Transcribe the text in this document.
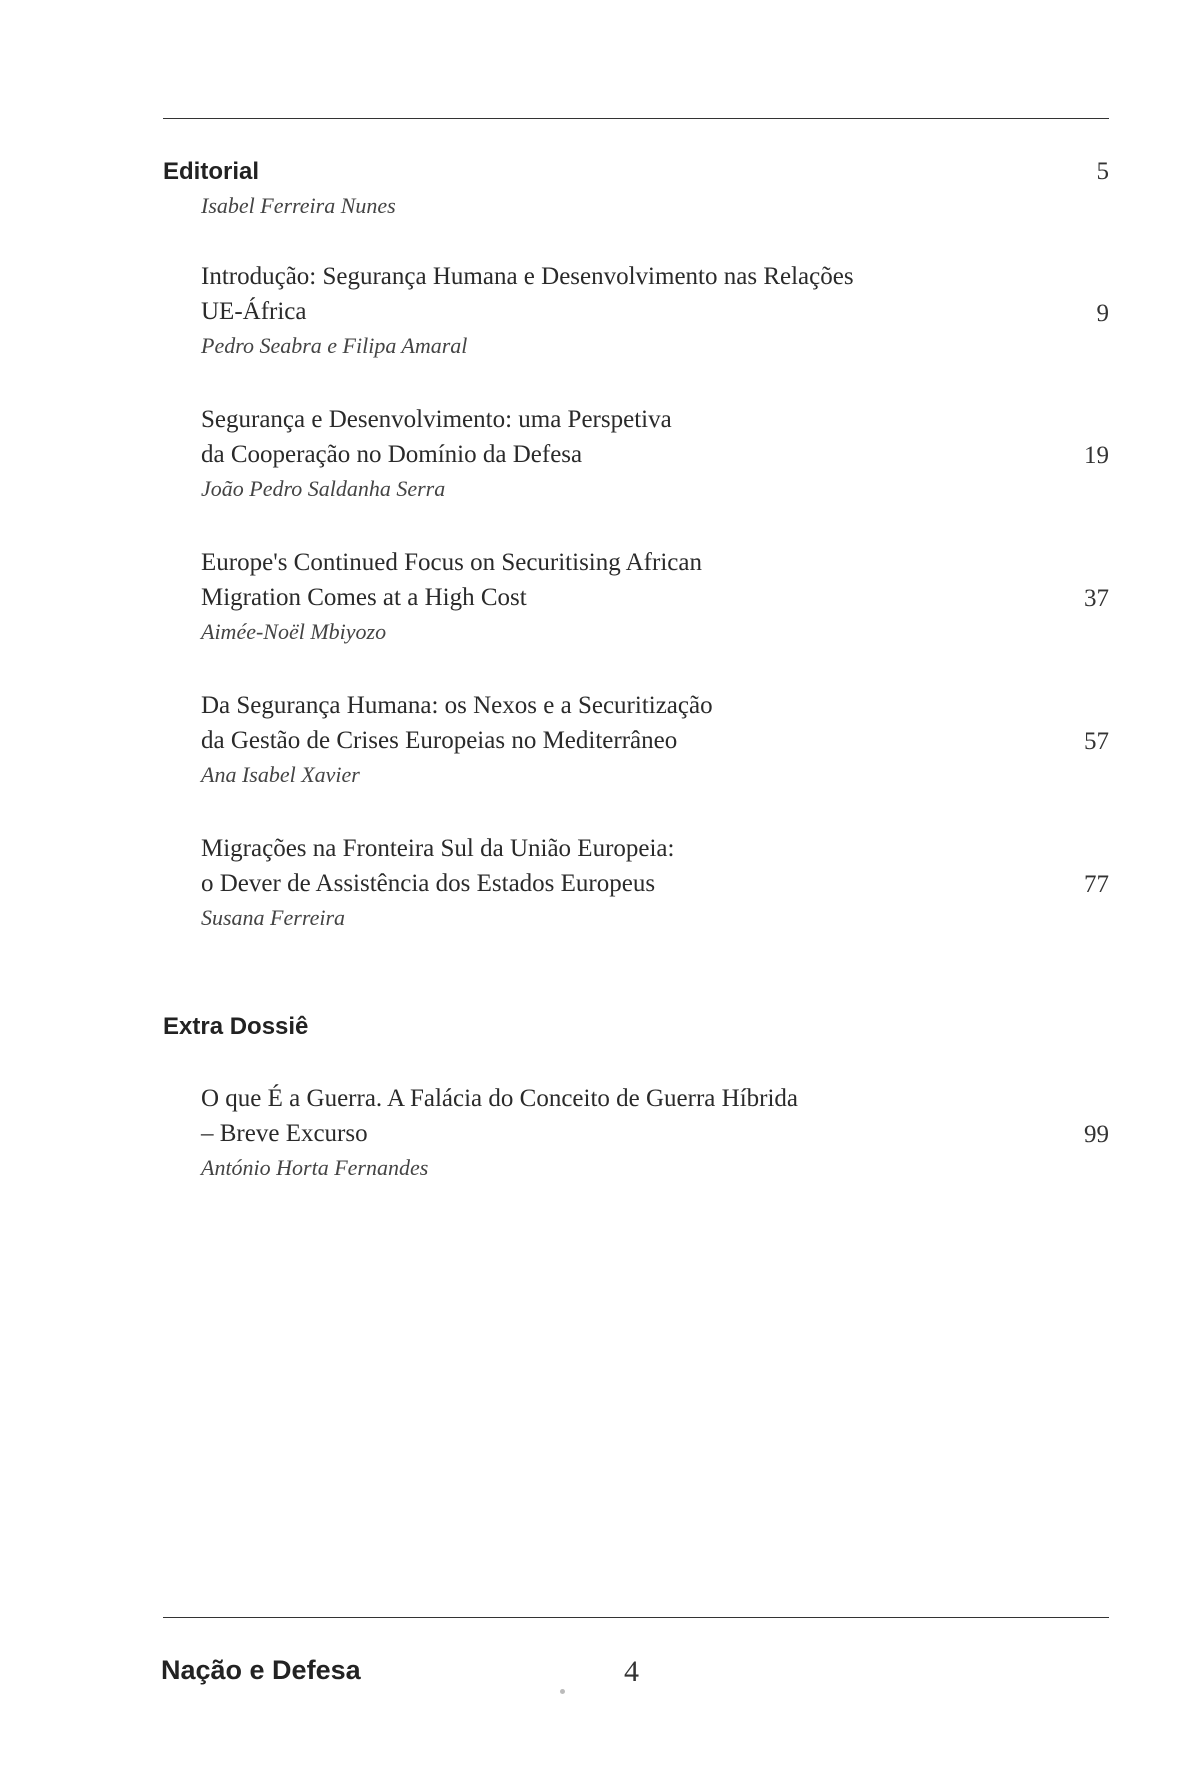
Editorial	5
Isabel Ferreira Nunes
Introdução: Segurança Humana e Desenvolvimento nas Relações
UE-África
Pedro Seabra e Filipa Amaral
9
Segurança e Desenvolvimento: uma Perspetiva
da Cooperação no Domínio da Defesa
João Pedro Saldanha Serra
19
Europe's Continued Focus on Securitising African
Migration Comes at a High Cost
Aimée-Noël Mbiyozo
37
Da Segurança Humana: os Nexos e a Securitização
da Gestão de Crises Europeias no Mediterrâneo
Ana Isabel Xavier
57
Migrações na Fronteira Sul da União Europeia:
o Dever de Assistência dos Estados Europeus
Susana Ferreira
77
Extra Dossiê
O que É a Guerra. A Falácia do Conceito de Guerra Híbrida
– Breve Excurso
António Horta Fernandes
99
Nação e Defesa	4
